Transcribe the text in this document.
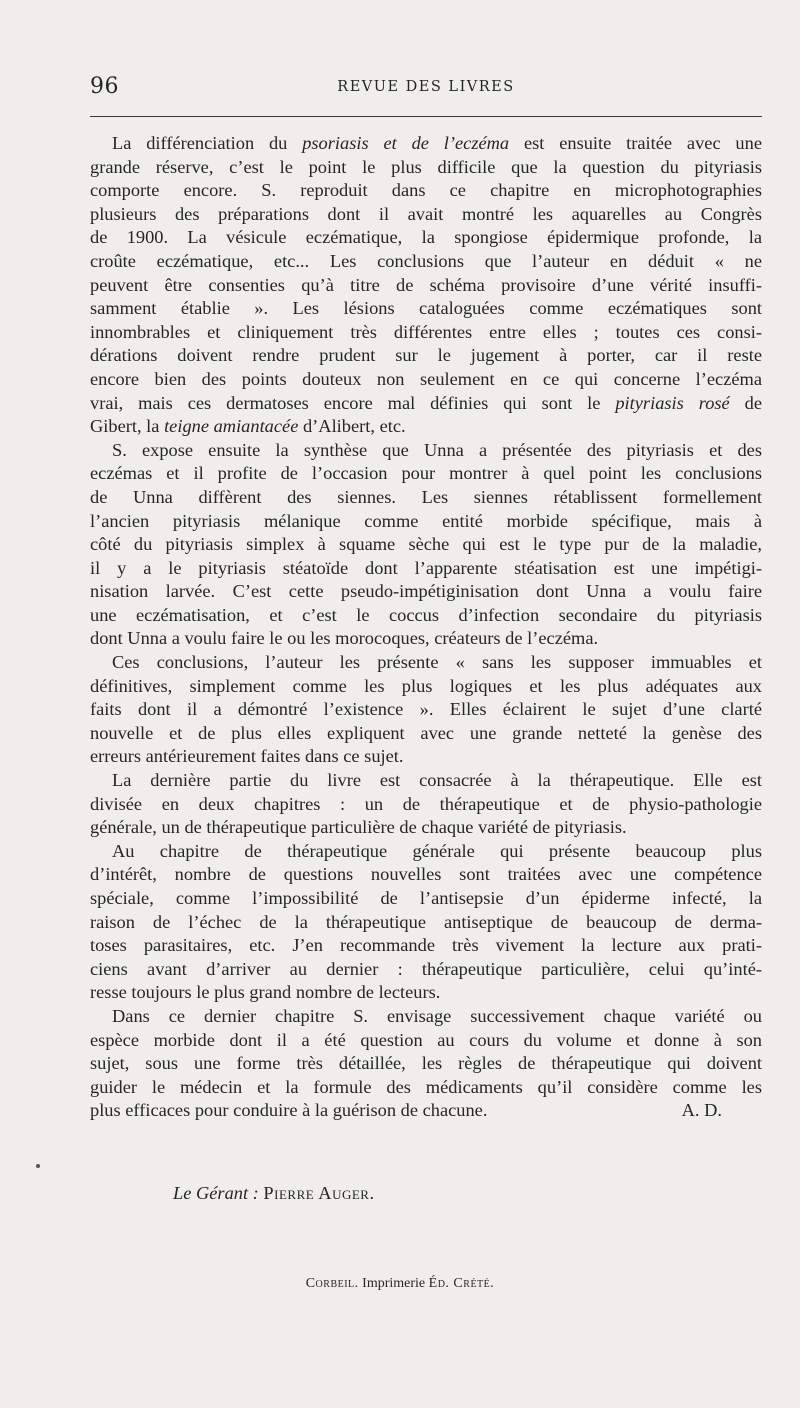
96	REVUE DES LIVRES
La différenciation du psoriasis et de l’eczéma est ensuite traitée avec une
grande réserve, c’est le point le plus difficile que la question du pityriasis
comporte encore. S. reproduit dans ce chapitre en microphotographies
plusieurs des préparations dont il avait montré les aquarelles au Congrès
de 1900. La vésicule eczématique, la spongiose épidermique profonde, la
croûte eczématique, etc... Les conclusions que l’auteur en déduit « ne
peuvent être consenties qu’à titre de schéma provisoire d’une vérité insuffi-
samment établie ». Les lésions cataloguées comme eczématiques sont
innombrables et cliniquement très différentes entre elles ; toutes ces consi-
dérations doivent rendre prudent sur le jugement à porter, car il reste
encore bien des points douteux non seulement en ce qui concerne l’eczéma
vrai, mais ces dermatoses encore mal définies qui sont le pityriasis rosé de
Gibert, la teigne amiantacée d’Alibert, etc.
S. expose ensuite la synthèse que Unna a présentée des pityriasis et des
eczémas et il profite de l’occasion pour montrer à quel point les conclusions
de Unna diffèrent des siennes. Les siennes rétablissent formellement
l’ancien pityriasis mélanique comme entité morbide spécifique, mais à
côté du pityriasis simplex à squame sèche qui est le type pur de la maladie,
il y a le pityriasis stéatoïde dont l’apparente stéatisation est une impétigi-
nisation larvée. C’est cette pseudo-impétiginisation dont Unna a voulu faire
une eczématisation, et c’est le coccus d’infection secondaire du pityriasis
dont Unna a voulu faire le ou les morocoques, créateurs de l’eczéma.
Ces conclusions, l’auteur les présente « sans les supposer immuables et
définitives, simplement comme les plus logiques et les plus adéquates aux
faits dont il a démontré l’existence ». Elles éclairent le sujet d’une clarté
nouvelle et de plus elles expliquent avec une grande netteté la genèse des
erreurs antérieurement faites dans ce sujet.
La dernière partie du livre est consacrée à la thérapeutique. Elle est
divisée en deux chapitres : un de thérapeutique et de physio-pathologie
générale, un de thérapeutique particulière de chaque variété de pityriasis.
Au chapitre de thérapeutique générale qui présente beaucoup plus
d’intérêt, nombre de questions nouvelles sont traitées avec une compétence
spéciale, comme l’impossibilité de l’antisepsie d’un épiderme infecté, la
raison de l’échec de la thérapeutique antiseptique de beaucoup de derma-
toses parasitaires, etc. J’en recommande très vivement la lecture aux prati-
ciens avant d’arriver au dernier : thérapeutique particulière, celui qu’inté-
resse toujours le plus grand nombre de lecteurs.
Dans ce dernier chapitre S. envisage successivement chaque variété ou
espèce morbide dont il a été question au cours du volume et donne à son
sujet, sous une forme très détaillée, les règles de thérapeutique qui doivent
guider le médecin et la formule des médicaments qu’il considère comme les
plus efficaces pour conduire à la guérison de chacune.	A. D.
Le Gérant : Pierre Auger.
Corbeil. Imprimerie Éd. Crété.
